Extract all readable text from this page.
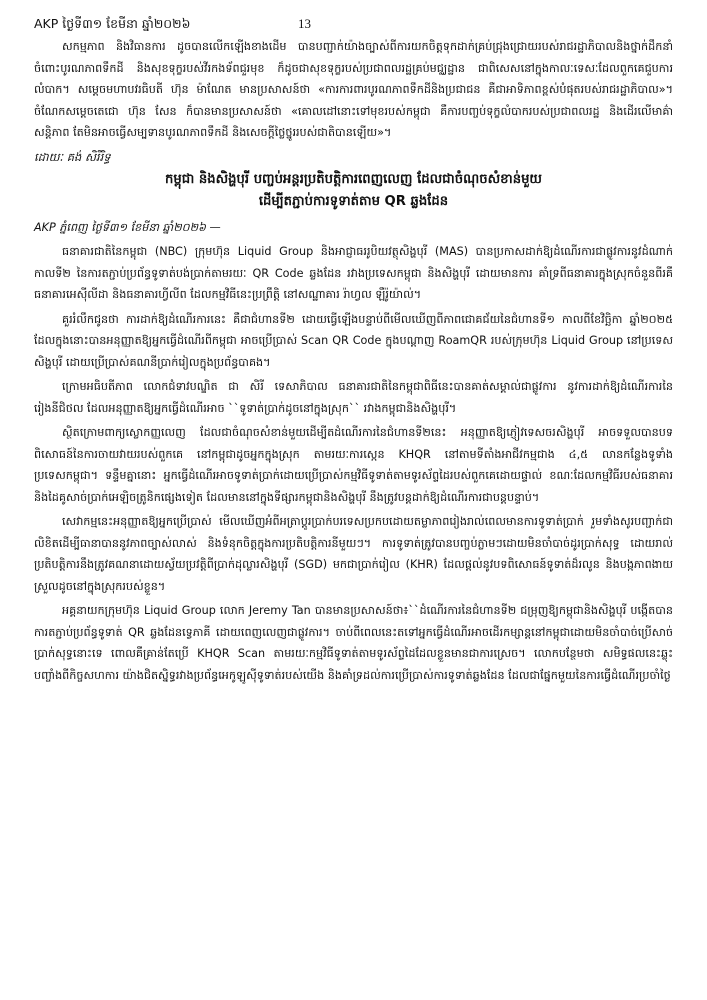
AKP ថ្ងៃទី៣១ ខែមីនា ឆ្នាំ២០២៦	13

សកម្មភាព និងវិធានការ ដូចបានលើកឡើងខាងដើម បានបញ្ជាក់យ៉ាងច្បាស់ពីការយកចិត្តទុកដាក់គ្រប់ជ្រុងជ្រោយរបស់រាជរដ្ឋាភិបាលនិងថ្នាក់ដឹកនាំចំពោះបូរណភាពទឹកដី និងសុខទុក្ខរបស់វីរកងទ័ពជួរមុខ ក៏ដូចជាសុខទុក្ខរបស់ប្រជាពលរដ្ឋគ្រប់មជ្ឈដ្ឋាន ជាពិសេសនៅក្នុងកាលៈទេសៈដែលពួកគេជួបការលំបាក។ សម្តេចមហាបវរធិបតី ហ៊ុន ម៉ាណែត មានប្រសាសន៍ថា «ការការពារបូរណភាពទឹកដីនិងប្រជាជន គឺជាអាទិភាពខ្ពស់បំផុតរបស់រាជរដ្ឋាភិបាល»។ ចំណែកសម្តេចតេជោ ហ៊ុន សែន ក៏បានមានប្រសាសន៍ថា «គោលដៅនោះទៅមុខរបស់កម្ពុជា គឺការបញ្ចប់ទុក្ខលំបាករបស់ប្រជាពលរដ្ឋ និងដើរលើមាគ៌ាសន្តិភាព តែមិនអាចធ្វើសម្បទានបូរណភាពទឹកដី និងសេចក្តីថ្លៃថ្នូររបស់ជាតិបានឡើយ»។

ដោយៈ គង់ សិរីរិទ្ធ
កម្ពុជា និងសិង្ហបុរី បញ្ចប់អន្តរប្រតិបត្តិការពេញលេញ ដែលជាចំណុចសំខាន់មួយ
ដើម្បីតភ្ជាប់ការទូទាត់តាម QR ឆ្លងដែន

AKP ភ្នំពេញ ថ្ងៃទី៣១ ខែមីនា ឆ្នាំ២០២៦ —

ធនាគារជាតិនៃកម្ពុជា (NBC) ក្រុមហ៊ុន Liquid Group និងអាជ្ញាធររូបិយវត្ថុសិង្ហបុរី (MAS) បានប្រកាសដាក់ឱ្យដំណើរការជាផ្លូវការនូវដំណាក់កាលទី២ នៃការតភ្ជាប់ប្រព័ន្ធទូទាត់បង់ប្រាក់តាមរយៈ QR Code ឆ្លងដែន រវាងប្រទេសកម្ពុជា និងសិង្ហបុរី ដោយមានការ គាំទ្រពីធនាគារក្នុងស្រុកចំនួនពីរគឺ ធនាគារអេស៊ីលីដា និងធនាគារហ្វីលីព ដែលកម្មវិធីនេះប្រព្រឹត្តិ នៅសណ្ឋាគារ រ៉ាហ្វល ឡឺរ៉ូយ៉ាល់។

គួររំលឹកជូនថា ការដាក់ឱ្យដំណើរការនេះ គឺជាជំហានទី២ ដោយធ្វើឡើងបន្ទាប់ពីមើលឃើញពីភាពជោគជ័យនៃជំហានទី១ កាលពីខែវិច្ឆិកា ឆ្នាំ២០២៥ ដែលក្នុងនោះបានអនុញ្ញាតឱ្យអ្នកធ្វើដំណើរពីកម្ពុជា អាចប្រើប្រាស់ Scan QR Code ក្នុងបណ្តាញ RoamQR របស់ក្រុមហ៊ុន Liquid Group នៅប្រទេសសិង្ហបុរី ដោយប្រើប្រាស់គណនីប្រាក់រៀលក្នុងប្រព័ន្ធបាគង។

ក្រោមអធិបតីភាព លោកជំទាវបណ្ឌិត ជា សិរី ទេសាភិបាល ធនាគារជាតិនៃកម្ពុជាពិធីនេះបានគាត់សម្គាល់ជាផ្លូវការ នូវការដាក់ឱ្យដំណើរការនៃរៀងនីជិថល ដែលអនុញ្ញាតឱ្យអ្នកធ្វើដំណើរអាច ``ទូទាត់ប្រាក់ដូចនៅក្នុងស្រុក`` រវាងកម្ពុជានិងសិង្ហបុរី។

ស្ថិតក្រោមពាក្យស្លោកញ្ញលេញ ដែលជាចំណុចសំខាន់មួយដើម្បីតដំណើរការនៃជំហានទី២នេះ អនុញ្ញាតឱ្យភ្ញៀវទេសចរសិង្ហបុរី អាចទទួលបានបទពិសោធន៍នៃការចាយវាយរបស់ពួកគេ នៅកម្ពុជាដូចអ្នកក្នុងស្រុក តាមរយៈការស្កេន KHQR នៅតាមទីតាំងអាជីវកម្មជាង ៤,៥ លានកន្លែងទូទាំងប្រទេសកម្ពុជា។ ទន្ទឹមគ្នានោះ អ្នកធ្វើដំណើរអាចទូទាត់ប្រាក់ដោយប្រើប្រាស់កម្មវិធីទូទាត់តាមទូរស័ព្ទដៃរបស់ពួកគេដោយផ្ទាល់ ខណៈដែលកម្មវិធីរបស់ធនាគារ និងដៃគូសាច់ប្រាក់អេឡិចត្រូនិកផ្សេងទៀត ដែលមាននៅក្នុងទីផ្សារកម្ពុជានិងសិង្ហបុរី នឹងត្រូវបន្តដាក់ឱ្យដំណើរការជាបន្តបន្ទាប់។

សេវាកម្មនេះអនុញ្ញាតឱ្យអ្នកប្រើប្រាស់ មើលឃើញអំពីអត្រាប្តូរប្រាក់បរទេសប្រកបដោយតម្លាភាពរៀងរាល់ពេលមានការទូទាត់ប្រាក់ រួមទាំងសូរបញ្ជាក់ជាលិខិតដើម្បីធានាបាននូវភាពច្បាស់លាស់ និងទំនុកចិត្តក្នុងការប្រតិបត្តិការនីមួយៗ។ ការទូទាត់ត្រូវបានបញ្ចប់ភ្លាមៗដោយមិនចាំបាច់ដូរប្រាក់សុទ្ធ ដោយរាល់ប្រតិបត្តិការនឹងត្រូវគណនាដោយស្វ័យប្រវត្តិពីប្រាក់ដុល្លារសិង្ហបុរី (SGD) មកជាប្រាក់រៀល (KHR) ដែលផ្តល់នូវបទពិសោធន៍ទូទាត់ដ៏រលូន និងបង្កភាពងាយស្រួលដូចនៅក្នុងស្រុករបស់ខ្លួន។

អគ្គនាយកក្រុមហ៊ុន Liquid Group លោក Jeremy Tan បានមានប្រសាសន៍ថា៖``ដំណើរការនៃជំហានទី២ ជម្រុញឱ្យកម្ពុជានិងសិង្ហបុរី បង្កើតបានការតភ្ជាប់ប្រព័ន្ធទូទាត់ QR ឆ្លងដែនទ្វេភាគី ដោយពេញលេញជាផ្លូវការ។ ចាប់ពីពេលនេះតទៅអ្នកធ្វើដំណើរអាចដើរកម្សាន្តនៅកម្ពុជាដោយមិនចាំបាច់ប្រើសាច់ប្រាក់សុទ្ធនោះទេ ពោលគឺគ្រាន់តែប្រើ KHQR Scan តាមរយៈកម្មវិធីទូទាត់តាមទូរស័ព្ទដៃដែលខ្លួនមានជាការស្រេច។ លោកបន្ថែមថា សមិទ្ធផលនេះឆ្លុះបញ្ចាំងពីកិច្ចសហការ យ៉ាងជិតស្និទ្ធរវាងប្រព័ន្ធអេកូឡូស៊ីទូទាត់របស់យើង និងគាំទ្រដល់ការប្រើប្រាស់ការទូទាត់ឆ្លងដែន ដែលជាផ្នែកមួយនៃការធ្វើដំណើរប្រចាំថ្ងៃ
